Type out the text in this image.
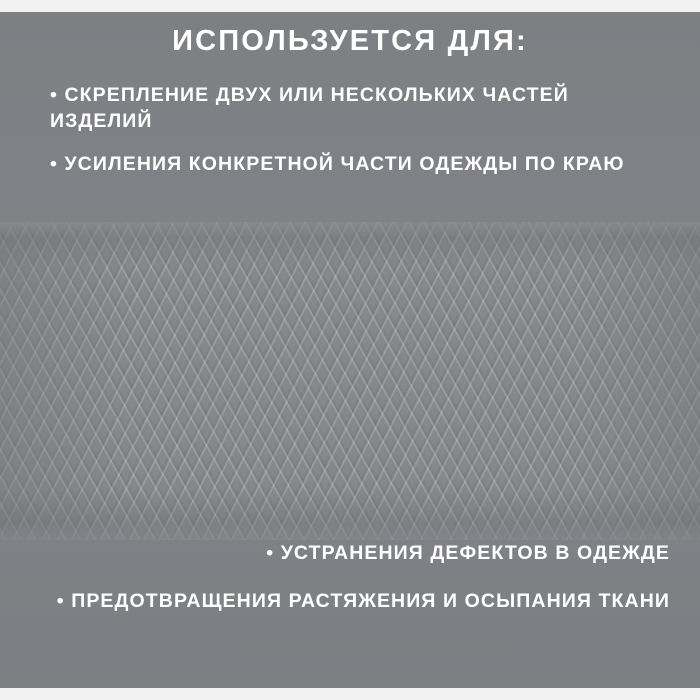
ИСПОЛЬЗУЕТСЯ ДЛЯ:
• СКРЕПЛЕНИЕ ДВУХ ИЛИ НЕСКОЛЬКИХ ЧАСТЕЙ ИЗДЕЛИЙ
• УСИЛЕНИЯ КОНКРЕТНОЙ ЧАСТИ ОДЕЖДЫ ПО КРАЮ
• УСТРАНЕНИЯ ДЕФЕКТОВ В ОДЕЖДЕ
• ПРЕДОТВРАЩЕНИЯ РАСТЯЖЕНИЯ И ОСЫПАНИЯ ТКАНИ
